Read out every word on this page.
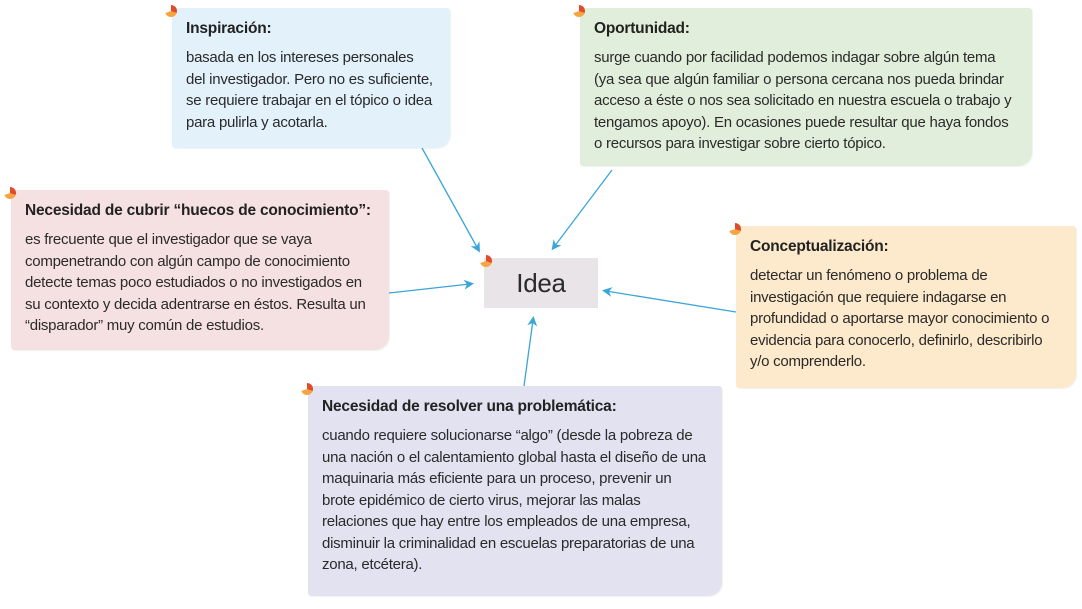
Inspiración:

basada en los intereses personales del investigador. Pero no es suficiente, se requiere trabajar en el tópico o idea para pulirla y acotarla.

Oportunidad:

surge cuando por facilidad podemos indagar sobre algún tema (ya sea que algún familiar o persona cercana nos pueda brindar acceso a éste o nos sea solicitado en nuestra escuela o trabajo y tengamos apoyo). En ocasiones puede resultar que haya fondos o recursos para investigar sobre cierto tópico.

Necesidad de cubrir “huecos de conocimiento”:

es frecuente que el investigador que se vaya compenetrando con algún campo de conocimiento detecte temas poco estudiados o no investigados en su contexto y decida adentrarse en éstos. Resulta un “disparador” muy común de estudios.

Conceptualización:

detectar un fenómeno o problema de investigación que requiere indagarse en profundidad o aportarse mayor conocimiento o evidencia para conocerlo, definirlo, describirlo y/o comprenderlo.

Necesidad de resolver una problemática:

cuando requiere solucionarse “algo” (desde la pobreza de una nación o el calentamiento global hasta el diseño de una maquinaria más eficiente para un proceso, prevenir un brote epidémico de cierto virus, mejorar las malas relaciones que hay entre los empleados de una empresa, disminuir la criminalidad en escuelas preparatorias de una zona, etcétera).

Idea
